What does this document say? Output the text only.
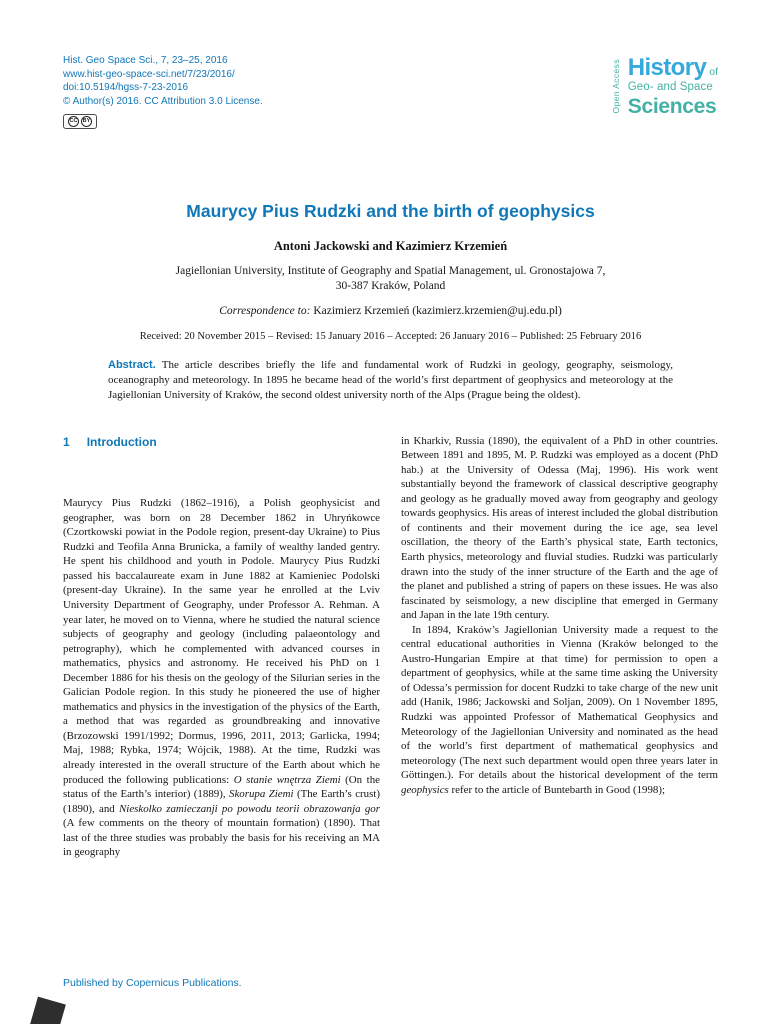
Hist. Geo Space Sci., 7, 23–25, 2016
www.hist-geo-space-sci.net/7/23/2016/
doi:10.5194/hgss-7-23-2016
© Author(s) 2016. CC Attribution 3.0 License.
CC BY
Open Access History of
Geo- and Space
Sciences
Maurycy Pius Rudzki and the birth of geophysics
Antoni Jackowski and Kazimierz Krzemień
Jagiellonian University, Institute of Geography and Spatial Management, ul. Gronostajowa 7,
30-387 Kraków, Poland
Correspondence to: Kazimierz Krzemień (kazimierz.krzemien@uj.edu.pl)
Received: 20 November 2015 – Revised: 15 January 2016 – Accepted: 26 January 2016 – Published: 25 February 2016

Abstract. The article describes briefly the life and fundamental work of Rudzki in geology, geography, seismology, oceanography and meteorology. In 1895 he became head of the world’s first department of geophysics and meteorology at the Jagiellonian University of Kraków, the second oldest university north of the Alps (Prague being the oldest).

1 Introduction

Maurycy Pius Rudzki (1862–1916), a Polish geophysicist and geographer, was born on 28 December 1862 in Uhryńkowce (Czortkowski powiat in the Podole region, present-day Ukraine) to Pius Rudzki and Teofila Anna Brunicka, a family of wealthy landed gentry. He spent his childhood and youth in Podole. Maurycy Pius Rudzki passed his baccalaureate exam in June 1882 at Kamieniec Podolski (present-day Ukraine). In the same year he enrolled at the Lviv University Department of Geography, under Professor A. Rehman. A year later, he moved on to Vienna, where he studied the natural science subjects of geography and geology (including palaeontology and petrography), which he complemented with advanced courses in mathematics, physics and astronomy. He received his PhD on 1 December 1886 for his thesis on the geology of the Silurian series in the Galician Podole region. In this study he pioneered the use of higher mathematics and physics in the investigation of the physics of the Earth, a method that was regarded as groundbreaking and innovative (Brzozowski 1991/1992; Dormus, 1996, 2011, 2013; Garlicka, 1994; Maj, 1988; Rybka, 1974; Wójcik, 1988). At the time, Rudzki was already interested in the overall structure of the Earth about which he produced the following publications: O stanie wnętrza Ziemi (On the status of the Earth’s interior) (1889), Skorupa Ziemi (The Earth’s crust) (1890), and Nieskolko zamieczanji po powodu teorii obrazowanja gor (A few comments on the theory of mountain formation) (1890). That last of the three studies was probably the basis for his receiving an MA in geography

in Kharkiv, Russia (1890), the equivalent of a PhD in other countries. Between 1891 and 1895, M. P. Rudzki was employed as a docent (PhD hab.) at the University of Odessa (Maj, 1996). His work went substantially beyond the framework of classical descriptive geography and geology as he gradually moved away from geography and geology towards geophysics. His areas of interest included the global distribution of continents and their movement during the ice age, sea level oscillation, the theory of the Earth’s physical state, Earth tectonics, Earth physics, meteorology and fluvial studies. Rudzki was particularly drawn into the study of the inner structure of the Earth and the age of the planet and published a string of papers on these issues. He was also fascinated by seismology, a new discipline that emerged in Germany and Japan in the late 19th century.

In 1894, Kraków’s Jagiellonian University made a request to the central educational authorities in Vienna (Kraków belonged to the Austro-Hungarian Empire at that time) for permission to open a department of geophysics, while at the same time asking the University of Odessa’s permission for docent Rudzki to take charge of the new unit add (Hanik, 1986; Jackowski and Soljan, 2009). On 1 November 1895, Rudzki was appointed Professor of Mathematical Geophysics and Meteorology of the Jagiellonian University and nominated as the head of the world’s first department of mathematical geophysics and meteorology (The next such department would open three years later in Göttingen.). For details about the historical development of the term geophysics refer to the article of Buntebarth in Good (1998);

Published by Copernicus Publications.
